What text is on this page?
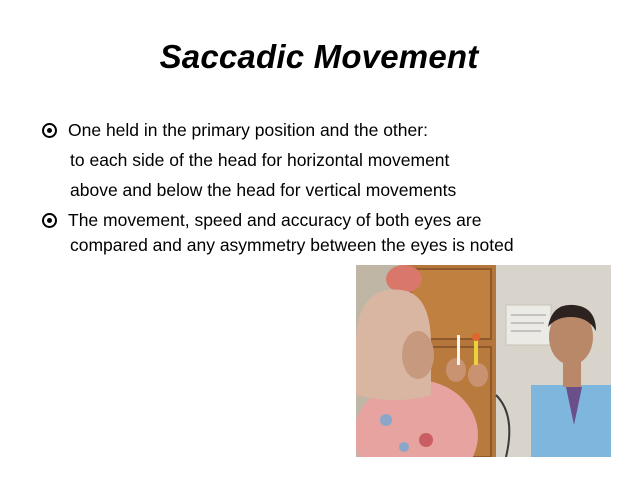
Saccadic Movement
One held in the primary position and the other:
to each side of the head for horizontal movement
above and below the head for vertical movements
The movement, speed and accuracy of both eyes are
compared and any asymmetry between the eyes is noted
